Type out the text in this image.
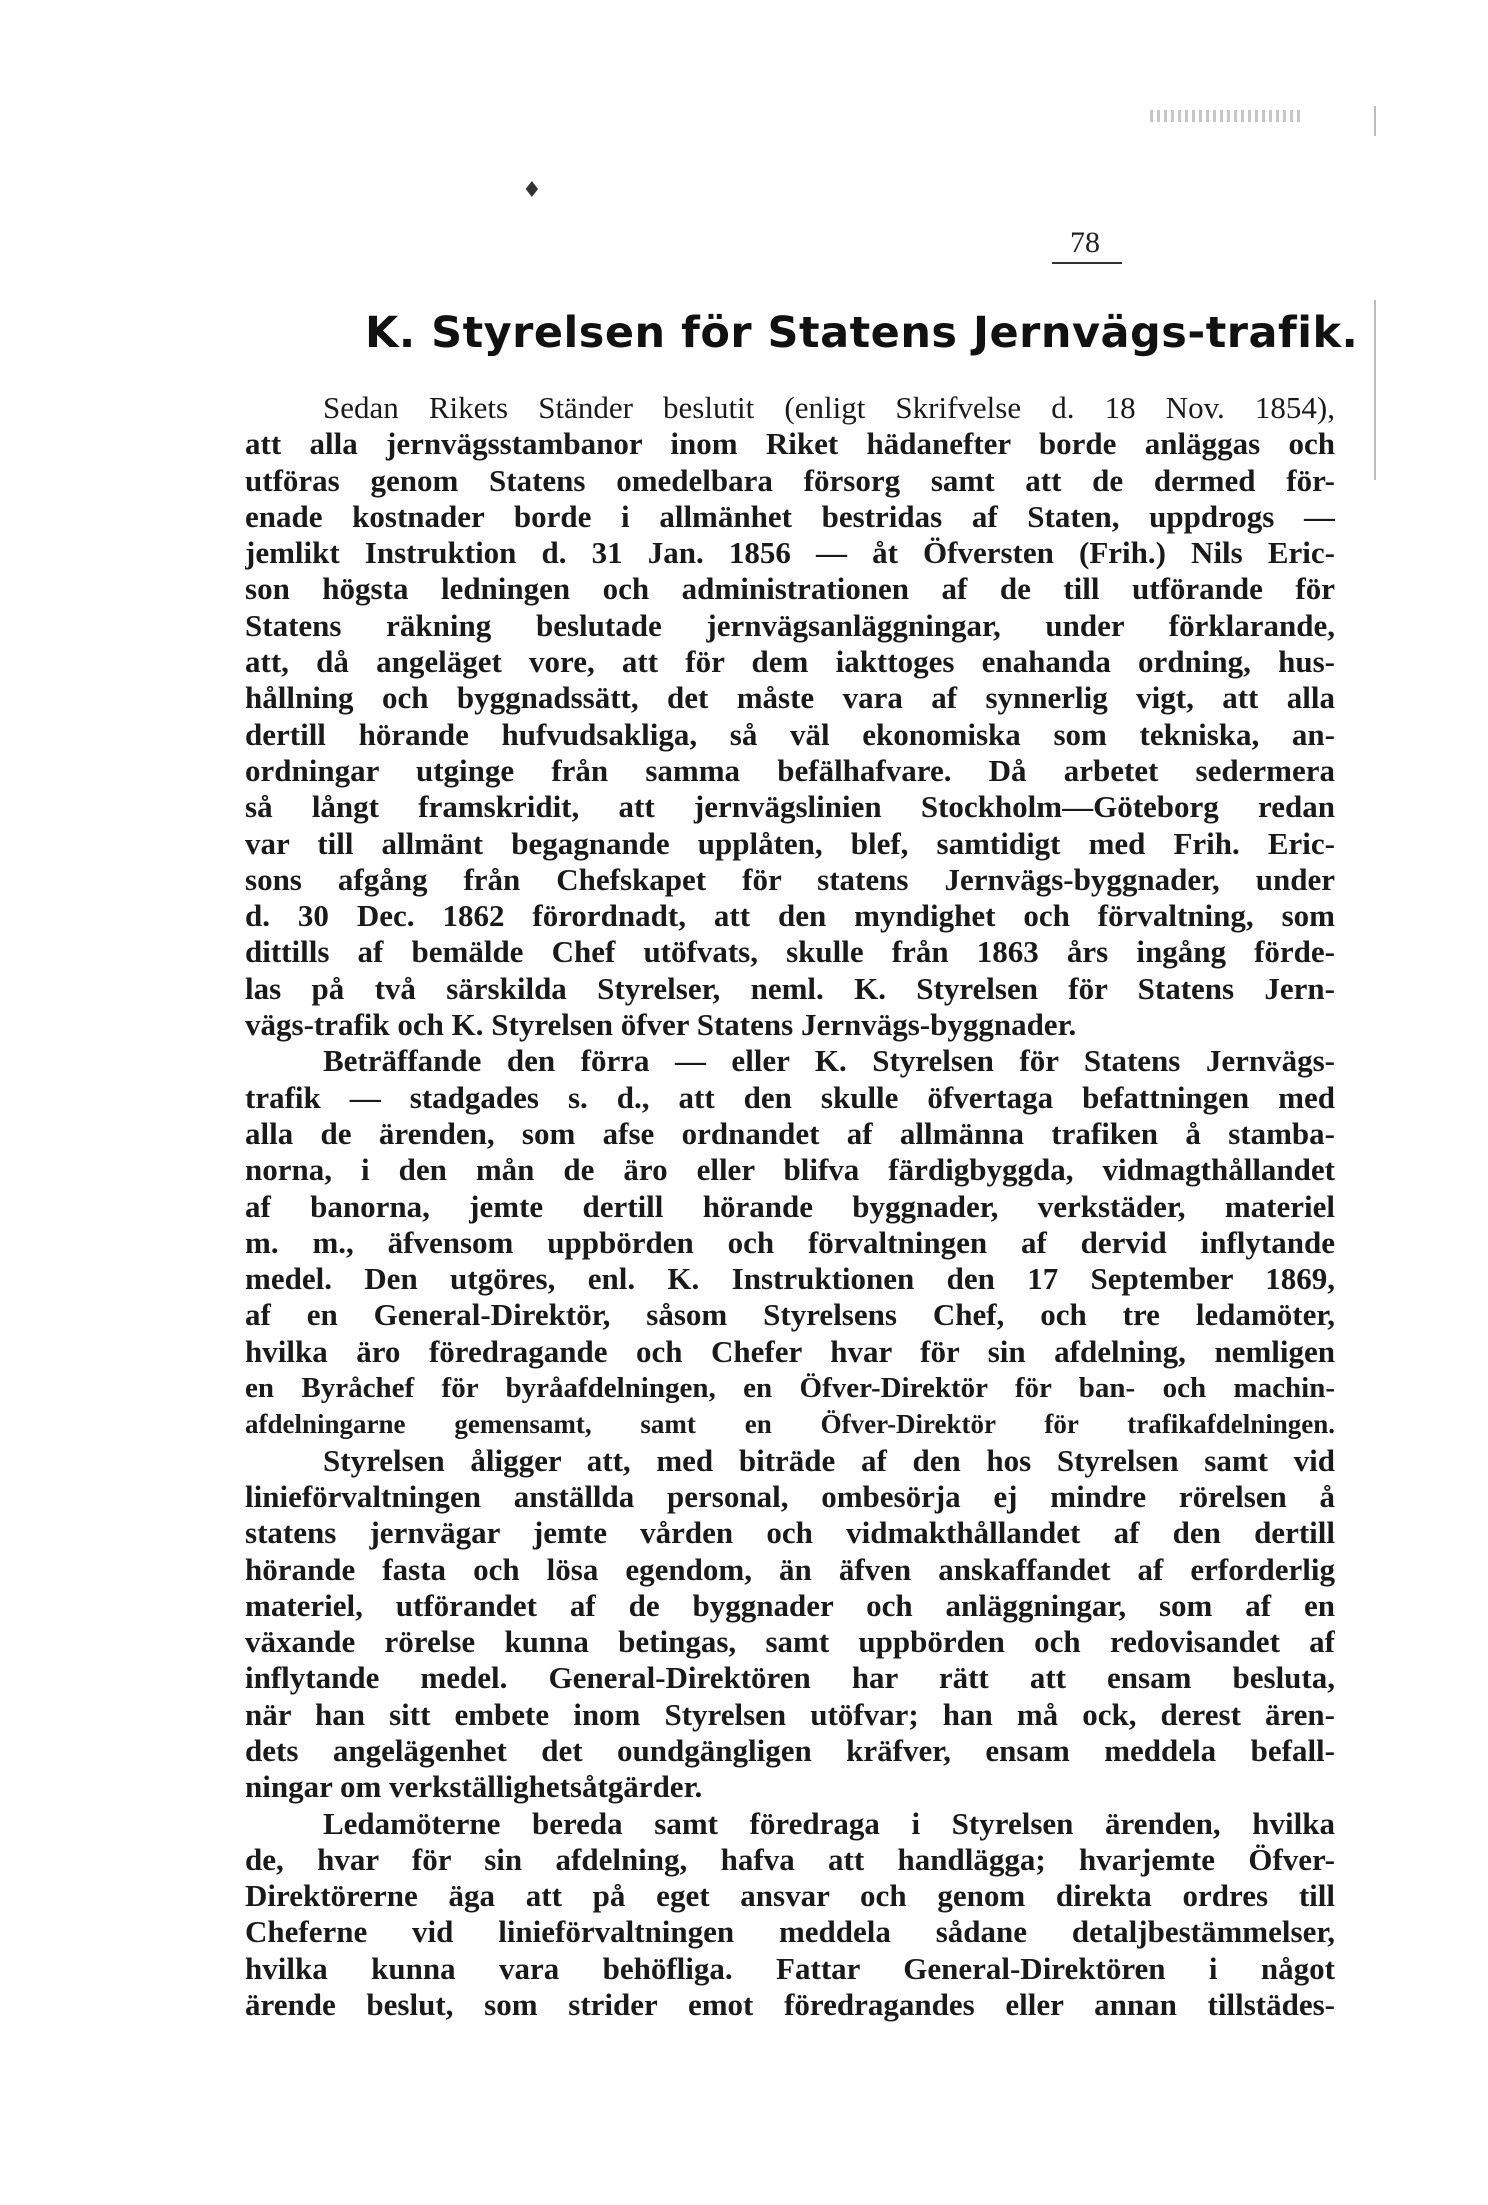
♦
78
K. Styrelsen för Statens Jernvägs-trafik.
Sedan Rikets Ständer beslutit (enligt Skrifvelse d. 18 Nov. 1854),
att alla jernvägsstambanor inom Riket hädanefter borde anläggas och
utföras genom Statens omedelbara försorg samt att de dermed för-
enade kostnader borde i allmänhet bestridas af Staten, uppdrogs —
jemlikt Instruktion d. 31 Jan. 1856 — åt Öfversten (Frih.) Nils Eric-
son högsta ledningen och administrationen af de till utförande för
Statens räkning beslutade jernvägsanläggningar, under förklarande,
att, då angeläget vore, att för dem iakttoges enahanda ordning, hus-
hållning och byggnadssätt, det måste vara af synnerlig vigt, att alla
dertill hörande hufvudsakliga, så väl ekonomiska som tekniska, an-
ordningar utginge från samma befälhafvare. Då arbetet sedermera
så långt framskridit, att jernvägslinien Stockholm—Göteborg redan
var till allmänt begagnande upplåten, blef, samtidigt med Frih. Eric-
sons afgång från Chefskapet för statens Jernvägs-byggnader, under
d. 30 Dec. 1862 förordnadt, att den myndighet och förvaltning, som
dittills af bemälde Chef utöfvats, skulle från 1863 års ingång förde-
las på två särskilda Styrelser, neml. K. Styrelsen för Statens Jern-
vägs-trafik och K. Styrelsen öfver Statens Jernvägs-byggnader.
Beträffande den förra — eller K. Styrelsen för Statens Jernvägs-
trafik — stadgades s. d., att den skulle öfvertaga befattningen med
alla de ärenden, som afse ordnandet af allmänna trafiken å stamba-
norna, i den mån de äro eller blifva färdigbyggda, vidmagthållandet
af banorna, jemte dertill hörande byggnader, verkstäder, materiel
m. m., äfvensom uppbörden och förvaltningen af dervid inflytande
medel. Den utgöres, enl. K. Instruktionen den 17 September 1869,
af en General-Direktör, såsom Styrelsens Chef, och tre ledamöter,
hvilka äro föredragande och Chefer hvar för sin afdelning, nemligen
en Byråchef för byråafdelningen, en Öfver-Direktör för ban- och machin-
afdelningarne gemensamt, samt en Öfver-Direktör för trafikafdelningen.
Styrelsen åligger att, med biträde af den hos Styrelsen samt vid
linieförvaltningen anställda personal, ombesörja ej mindre rörelsen å
statens jernvägar jemte vården och vidmakthållandet af den dertill
hörande fasta och lösa egendom, än äfven anskaffandet af erforderlig
materiel, utförandet af de byggnader och anläggningar, som af en
växande rörelse kunna betingas, samt uppbörden och redovisandet af
inflytande medel. General-Direktören har rätt att ensam besluta,
när han sitt embete inom Styrelsen utöfvar; han må ock, derest ären-
dets angelägenhet det oundgängligen kräfver, ensam meddela befall-
ningar om verkställighetsåtgärder.
Ledamöterne bereda samt föredraga i Styrelsen ärenden, hvilka
de, hvar för sin afdelning, hafva att handlägga; hvarjemte Öfver-
Direktörerne äga att på eget ansvar och genom direkta ordres till
Cheferne vid linieförvaltningen meddela sådane detaljbestämmelser,
hvilka kunna vara behöfliga. Fattar General-Direktören i något
ärende beslut, som strider emot föredragandes eller annan tillstädes-
